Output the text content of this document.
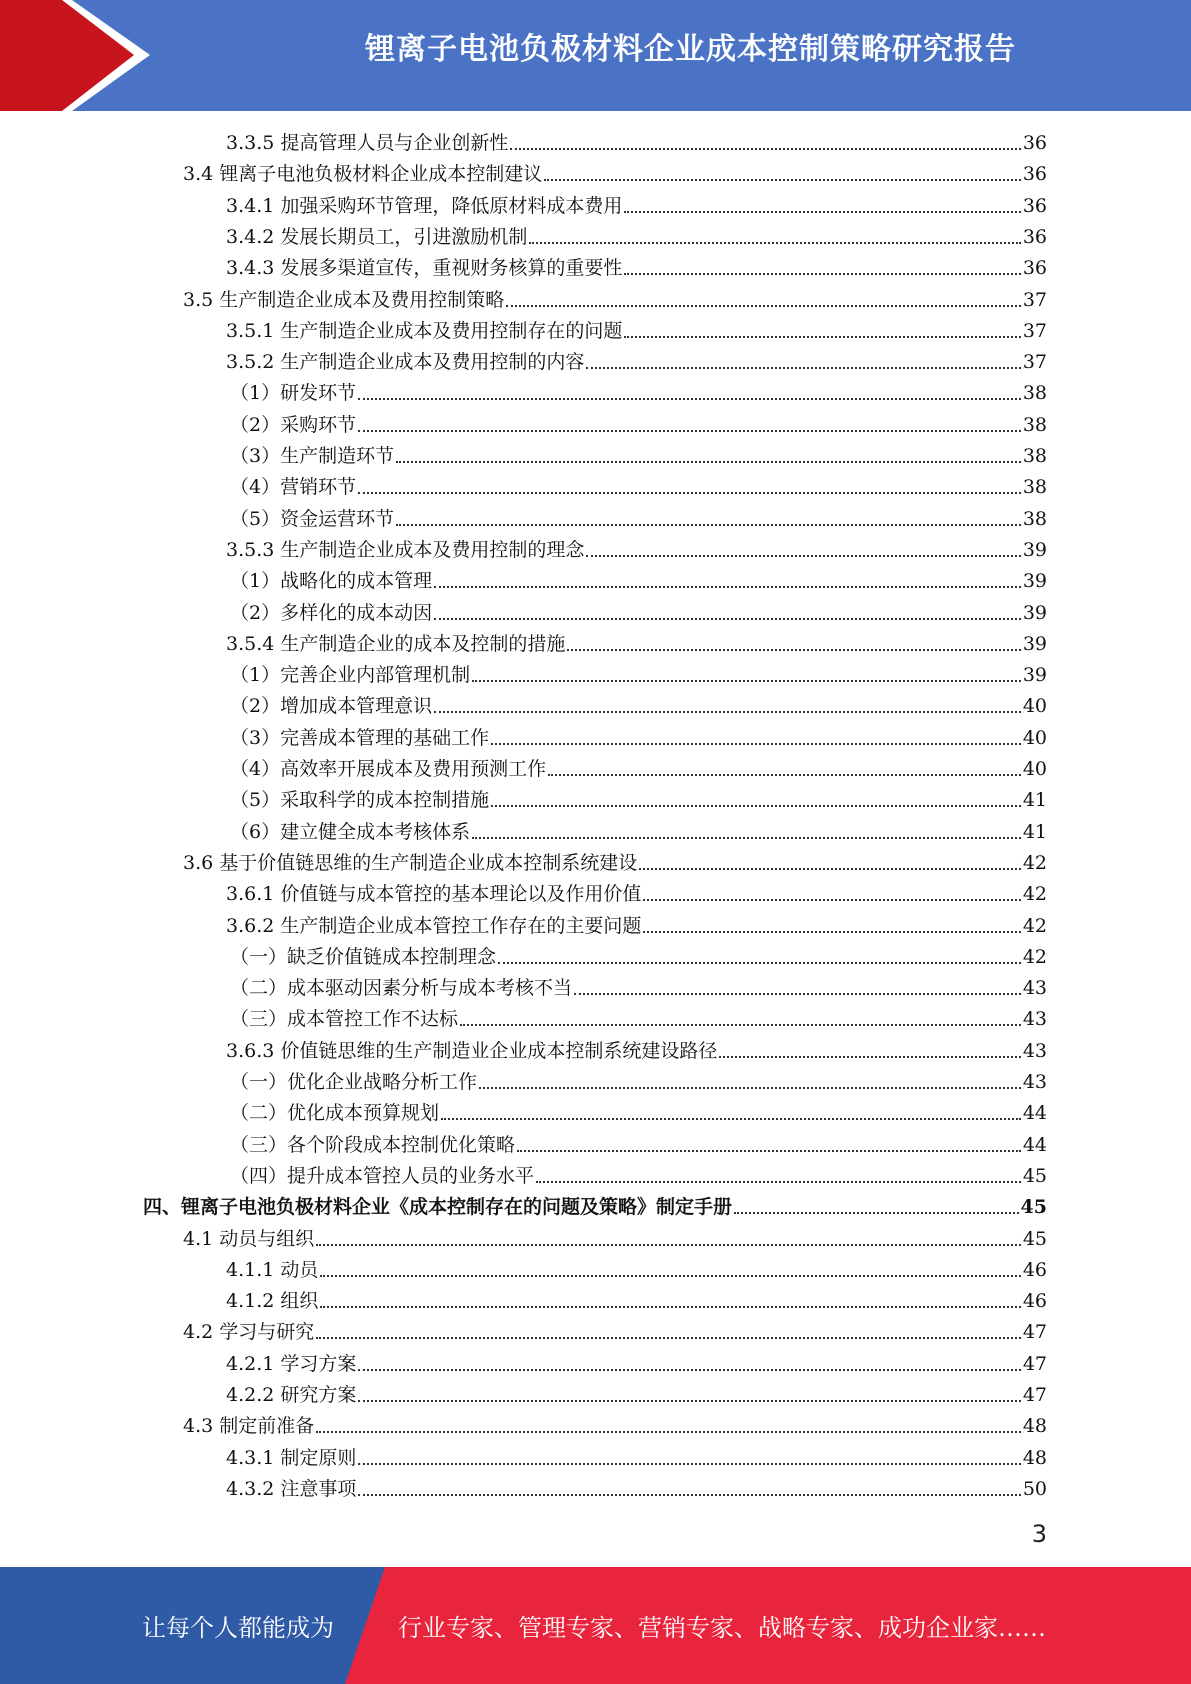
锂离子电池负极材料企业成本控制策略研究报告
3.3.5 提高管理人员与企业创新性	36
3.4 锂离子电池负极材料企业成本控制建议	36
3.4.1 加强采购环节管理，降低原材料成本费用	36
3.4.2 发展长期员工，引进激励机制	36
3.4.3 发展多渠道宣传，重视财务核算的重要性	36
3.5 生产制造企业成本及费用控制策略	37
3.5.1 生产制造企业成本及费用控制存在的问题	37
3.5.2 生产制造企业成本及费用控制的内容	37
（1）研发环节	38
（2）采购环节	38
（3）生产制造环节	38
（4）营销环节	38
（5）资金运营环节	38
3.5.3 生产制造企业成本及费用控制的理念	39
（1）战略化的成本管理	39
（2）多样化的成本动因	39
3.5.4 生产制造企业的成本及控制的措施	39
（1）完善企业内部管理机制	39
（2）增加成本管理意识	40
（3）完善成本管理的基础工作	40
（4）高效率开展成本及费用预测工作	40
（5）采取科学的成本控制措施	41
（6）建立健全成本考核体系	41
3.6 基于价值链思维的生产制造企业成本控制系统建设	42
3.6.1 价值链与成本管控的基本理论以及作用价值	42
3.6.2 生产制造企业成本管控工作存在的主要问题	42
（一）缺乏价值链成本控制理念	42
（二）成本驱动因素分析与成本考核不当	43
（三）成本管控工作不达标	43
3.6.3 价值链思维的生产制造业企业成本控制系统建设路径	43
（一）优化企业战略分析工作	43
（二）优化成本预算规划	44
（三）各个阶段成本控制优化策略	44
（四）提升成本管控人员的业务水平	45
四、锂离子电池负极材料企业《成本控制存在的问题及策略》制定手册	45
4.1 动员与组织	45
4.1.1 动员	46
4.1.2 组织	46
4.2 学习与研究	47
4.2.1 学习方案	47
4.2.2 研究方案	47
4.3 制定前准备	48
4.3.1 制定原则	48
4.3.2 注意事项	50
3
让每个人都能成为	行业专家、管理专家、营销专家、战略专家、成功企业家……
